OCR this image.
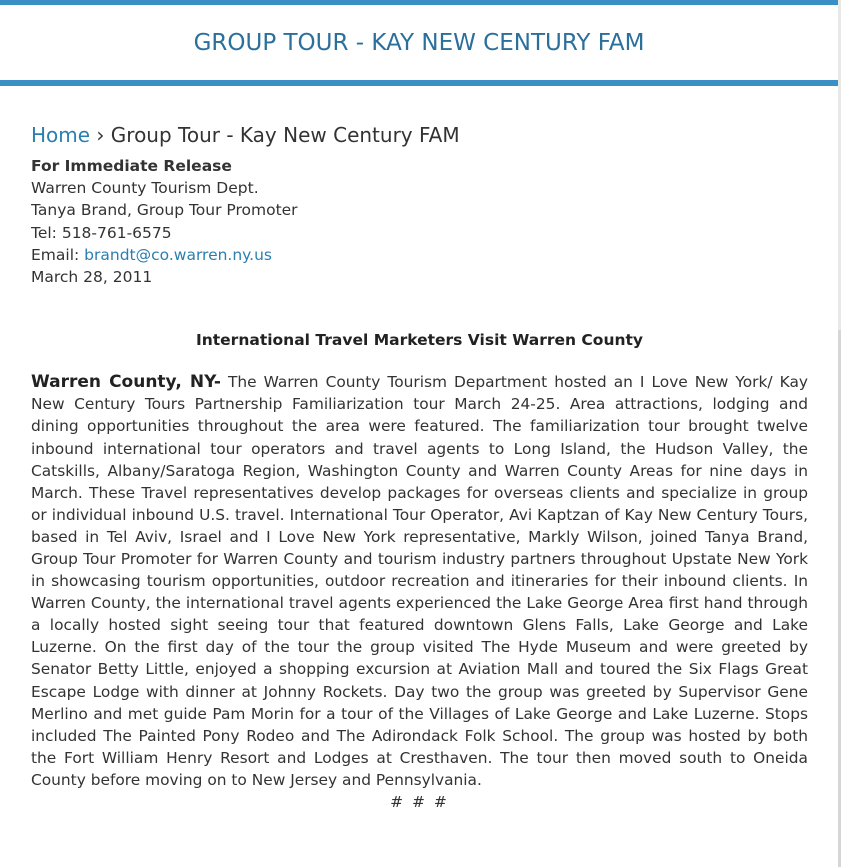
GROUP TOUR - KAY NEW CENTURY FAM
Home › Group Tour - Kay New Century FAM
For Immediate Release
Warren County Tourism Dept.
Tanya Brand, Group Tour Promoter
Tel: 518-761-6575
Email: brandt@co.warren.ny.us
March 28, 2011
International Travel Marketers Visit Warren County
Warren County, NY- The Warren County Tourism Department hosted an I Love New York/ Kay New Century Tours Partnership Familiarization tour March 24-25. Area attractions, lodging and dining opportunities throughout the area were featured. The familiarization tour brought twelve inbound international tour operators and travel agents to Long Island, the Hudson Valley, the Catskills, Albany/Saratoga Region, Washington County and Warren County Areas for nine days in March. These Travel representatives develop packages for overseas clients and specialize in group or individual inbound U.S. travel. International Tour Operator, Avi Kaptzan of Kay New Century Tours, based in Tel Aviv, Israel and I Love New York representative, Markly Wilson, joined Tanya Brand, Group Tour Promoter for Warren County and tourism industry partners throughout Upstate New York in showcasing tourism opportunities, outdoor recreation and itineraries for their inbound clients. In Warren County, the international travel agents experienced the Lake George Area first hand through a locally hosted sight seeing tour that featured downtown Glens Falls, Lake George and Lake Luzerne. On the first day of the tour the group visited The Hyde Museum and were greeted by Senator Betty Little, enjoyed a shopping excursion at Aviation Mall and toured the Six Flags Great Escape Lodge with dinner at Johnny Rockets. Day two the group was greeted by Supervisor Gene Merlino and met guide Pam Morin for a tour of the Villages of Lake George and Lake Luzerne. Stops included The Painted Pony Rodeo and The Adirondack Folk School. The group was hosted by both the Fort William Henry Resort and Lodges at Cresthaven. The tour then moved south to Oneida County before moving on to New Jersey and Pennsylvania.
# # #
